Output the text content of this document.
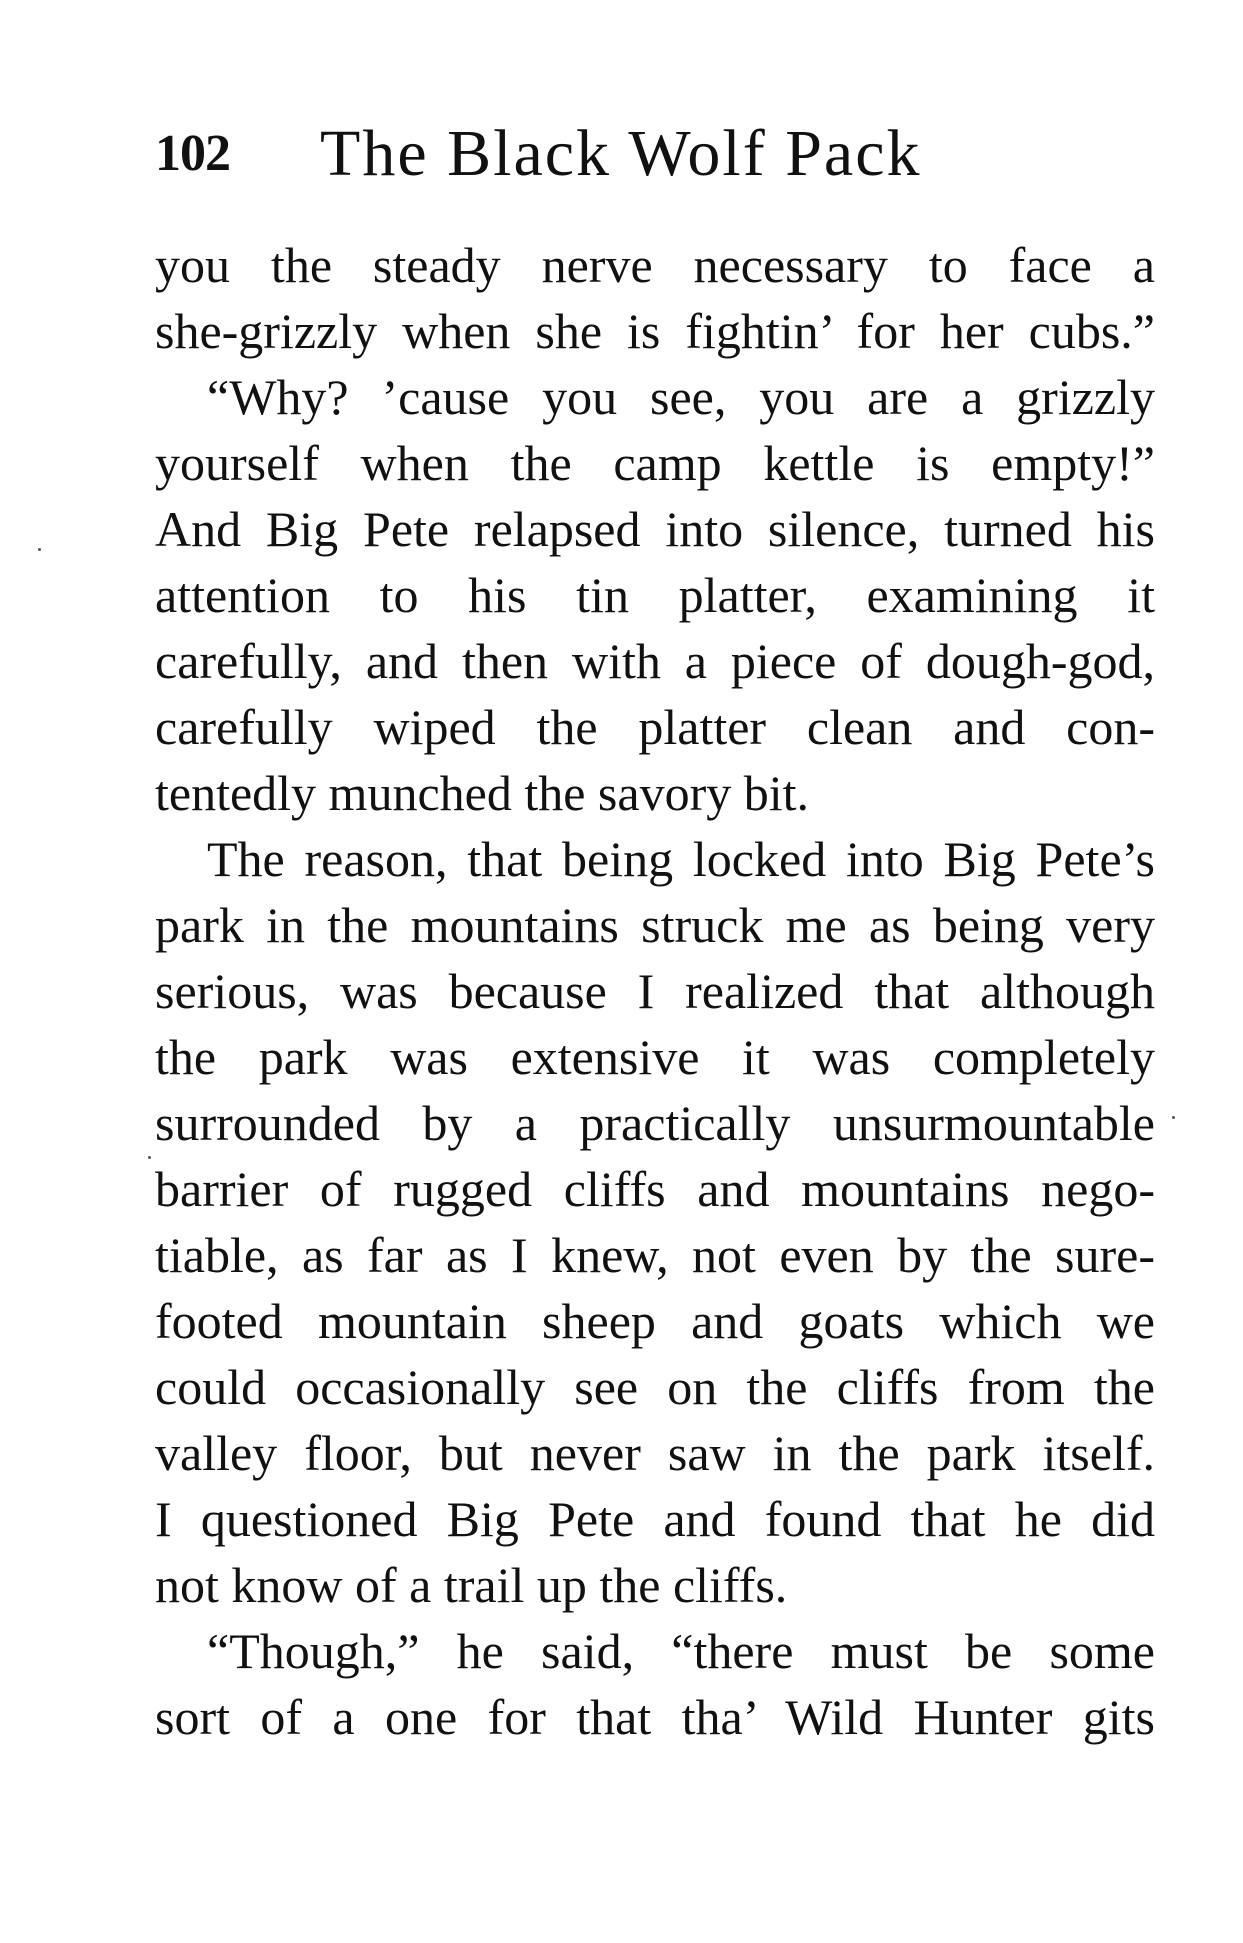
102 The Black Wolf Pack
you the steady nerve necessary to face a
she-grizzly when she is fightin’ for her cubs.”
“Why? ’cause you see, you are a grizzly
yourself when the camp kettle is empty!”
And Big Pete relapsed into silence, turned his
attention to his tin platter, examining it
carefully, and then with a piece of dough-god,
carefully wiped the platter clean and con-
tentedly munched the savory bit.
The reason, that being locked into Big Pete’s
park in the mountains struck me as being very
serious, was because I realized that although
the park was extensive it was completely
surrounded by a practically unsurmountable
barrier of rugged cliffs and mountains nego-
tiable, as far as I knew, not even by the sure-
footed mountain sheep and goats which we
could occasionally see on the cliffs from the
valley floor, but never saw in the park itself.
I questioned Big Pete and found that he did
not know of a trail up the cliffs.
“Though,” he said, “there must be some
sort of a one for that tha’ Wild Hunter gits
